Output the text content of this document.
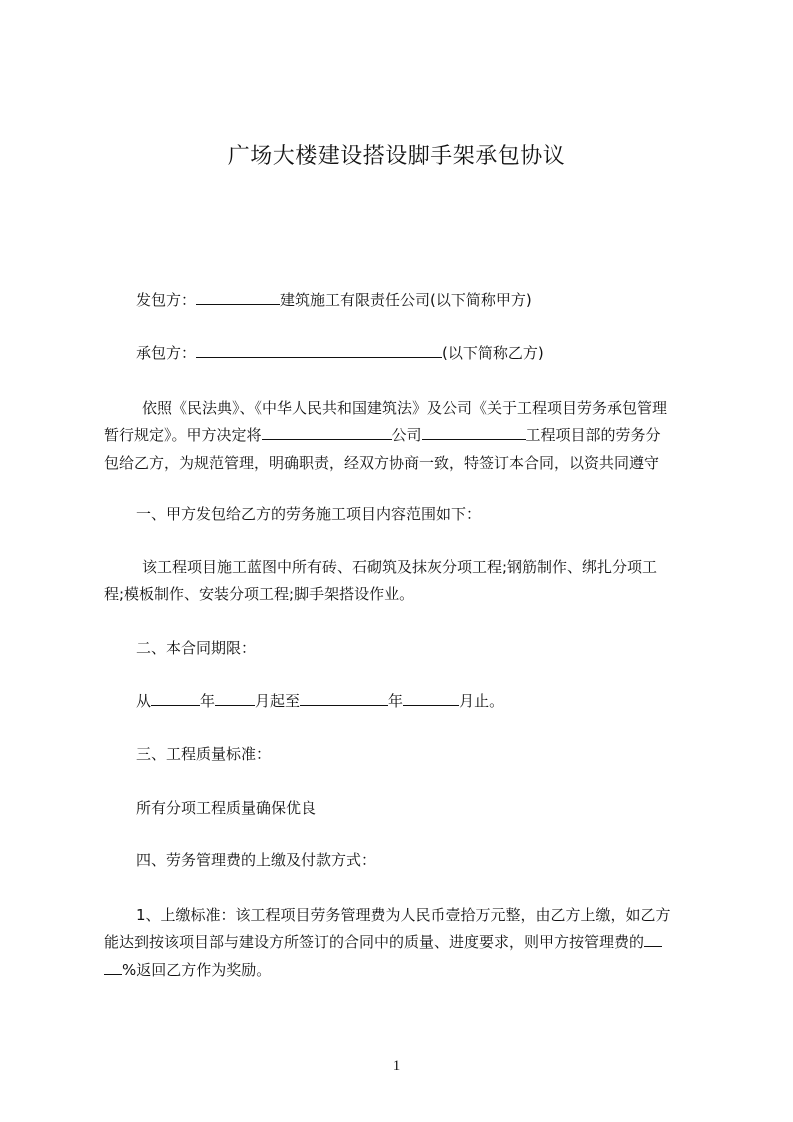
广场大楼建设搭设脚手架承包协议
发包方：	建筑施工有限责任公司(以下简称甲方)
承包方：	(以下简称乙方)
依照《民法典》、《中华人民共和国建筑法》及公司《关于工程项目劳务承包管理
暂行规定》。甲方决定将	公司	工程项目部的劳务分
包给乙方，为规范管理，明确职责，经双方协商一致，特签订本合同，以资共同遵守
一、甲方发包给乙方的劳务施工项目内容范围如下：
该工程项目施工蓝图中所有砖、石砌筑及抹灰分项工程;钢筋制作、绑扎分项工
程;模板制作、安装分项工程;脚手架搭设作业。
二、本合同期限：
从	年	月起至	年	月止。
三、工程质量标准：
所有分项工程质量确保优良
四、劳务管理费的上缴及付款方式：
1、上缴标准：该工程项目劳务管理费为人民币壹拾万元整，由乙方上缴，如乙方
能达到按该项目部与建设方所签订的合同中的质量、进度要求，则甲方按管理费的
%返回乙方作为奖励。
1
